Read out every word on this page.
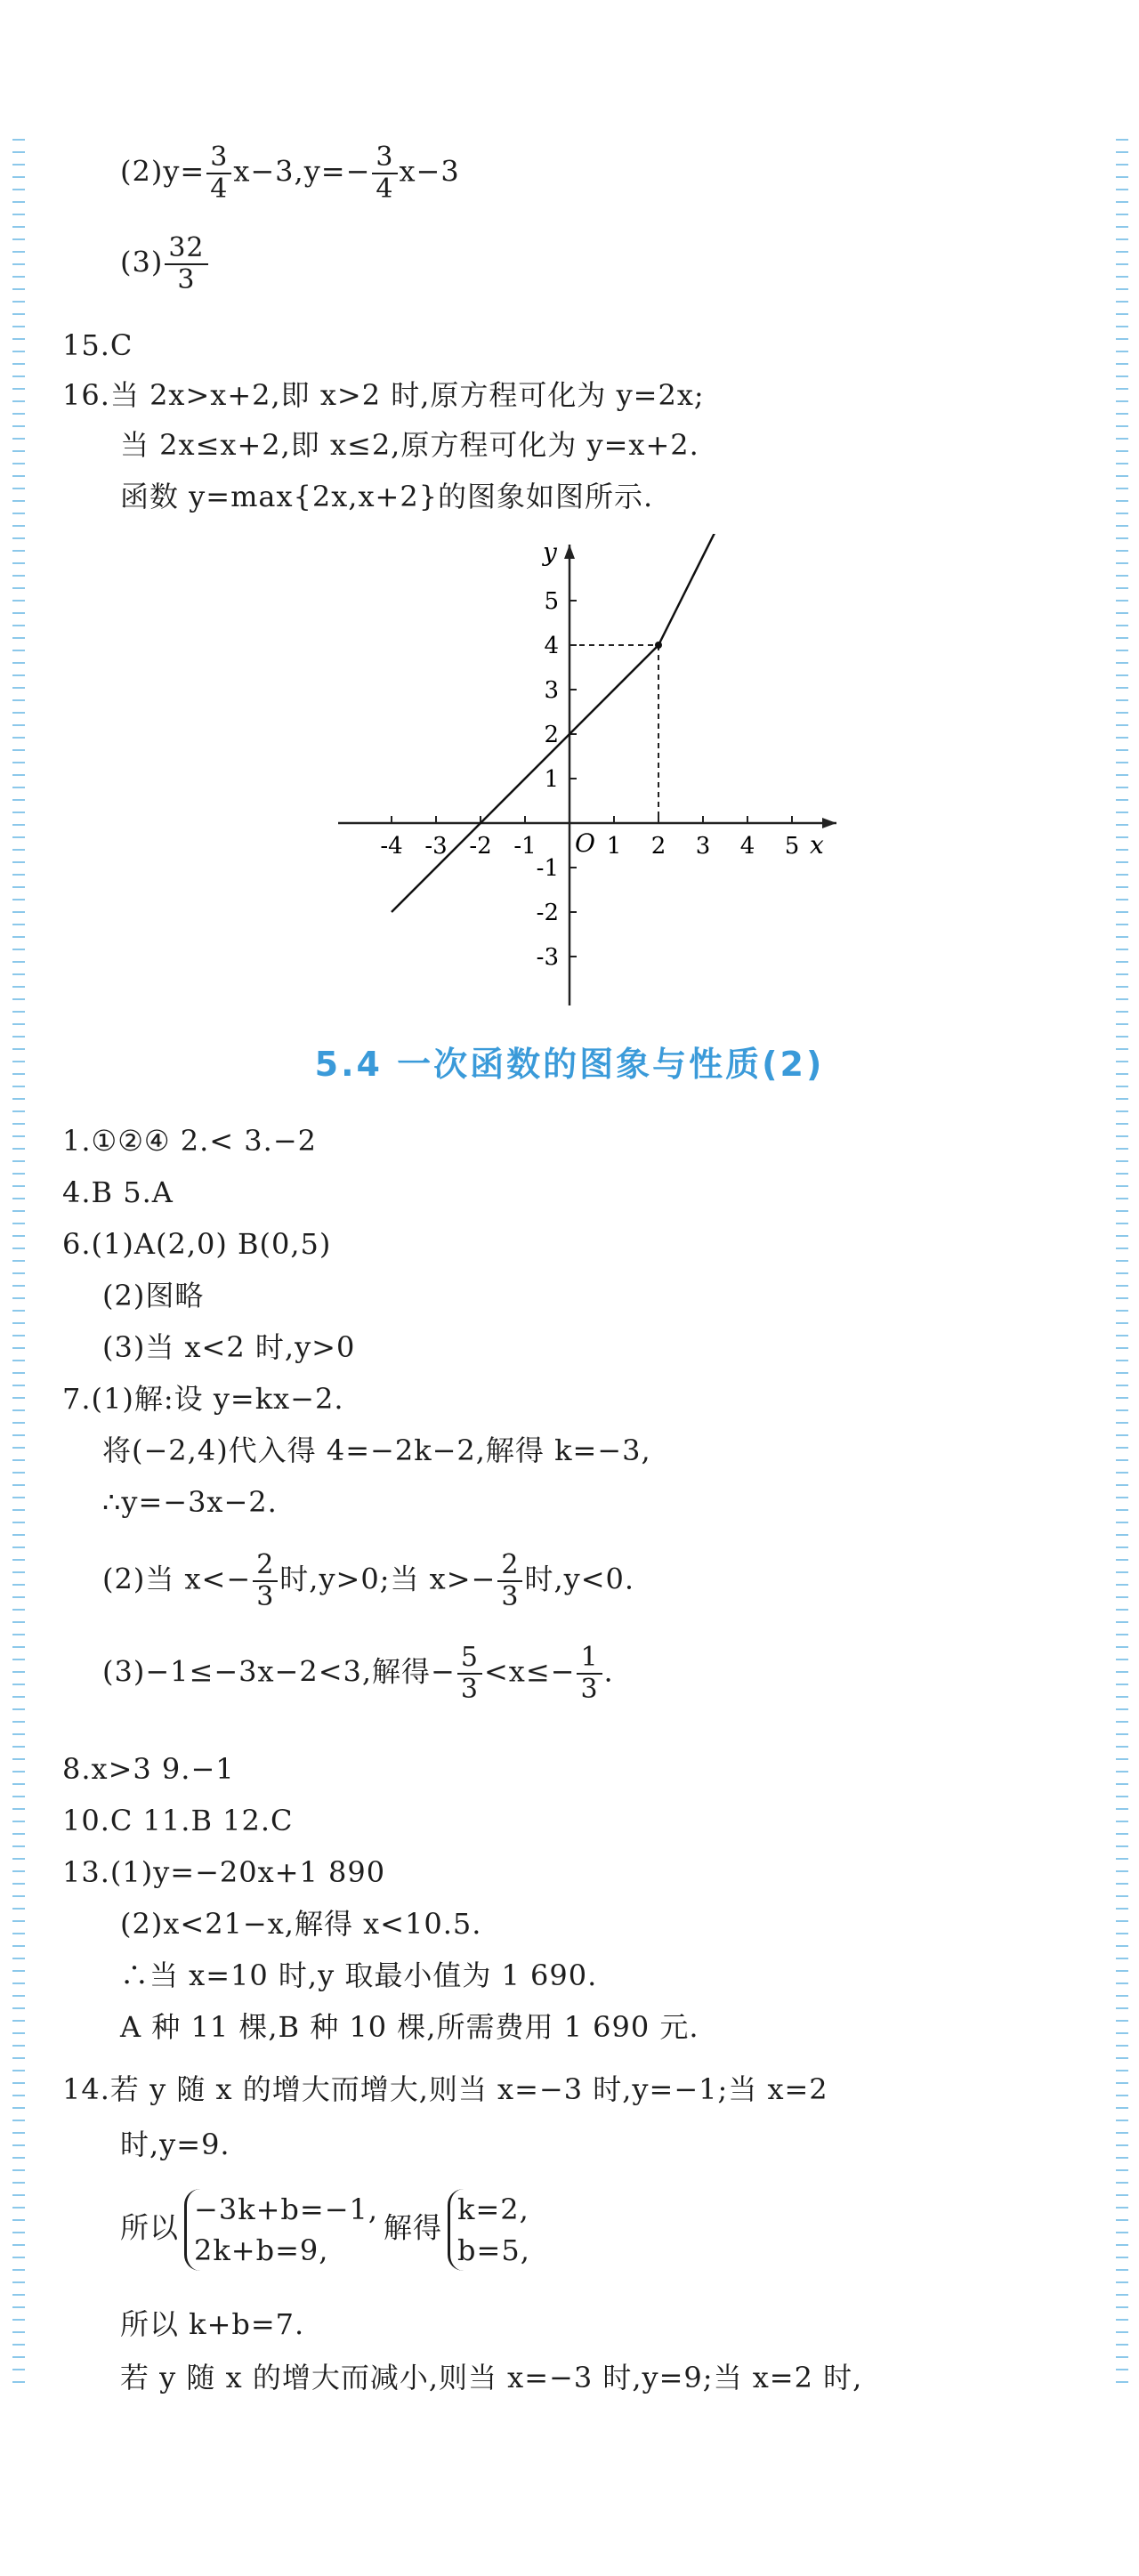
$(2)y= \frac{3}{4} x-3,y=- \frac{3}{4} x-3$
$(3) \frac{32}{3}$
15.C
16.当 2x>x+2,即 x>2 时,原方程可化为 y=2x;
当 2x≤x+2,即 x≤2,原方程可化为 y=x+2.
函数 y=max{2x,x+2}的图象如图所示.
-4 -3 -2 -1	1 2 3 4 5
5
4
3
2
1
-1
-2
-3
x
y
O
5.4 一次函数的图象与性质(2)
1.①②④ 2.< 3.−2
4.B 5.A
6.(1)A(2,0) B(0,5)
(2)图略
(3)当 x<2 时,y>0
7.(1)解:设 y=kx−2.
将(−2,4)代入得 4=−2k−2,解得 k=−3,
∴y=−3x−2.
(2)当 $x<- \frac{2}{3}$ 时,y>0;当 $x>- \frac{2}{3}$ 时,y<0.
(3)−1≤−3x−2<3,解得− $\frac{5}{3} <x\le- \frac{1}{3}$ .
8.x>3 9.−1
10.C 11.B 12.C
13.(1)y=−20x+1 890
(2)x<21−x,解得 x<10.5.
∴当 x=10 时,y 取最小值为 1 690.
A 种 11 棵,B 种 10 棵,所需费用 1 690 元.
14.若 y 随 x 的增大而增大,则当 x=−3 时,y=−1;当 x=2
时,y=9.
所以
−3k+b=−1,
2k+b=9,
解得
k=2,
b=5,
所以 k+b=7.
若 y 随 x 的增大而减小,则当 x=−3 时,y=9;当 x=2 时,
